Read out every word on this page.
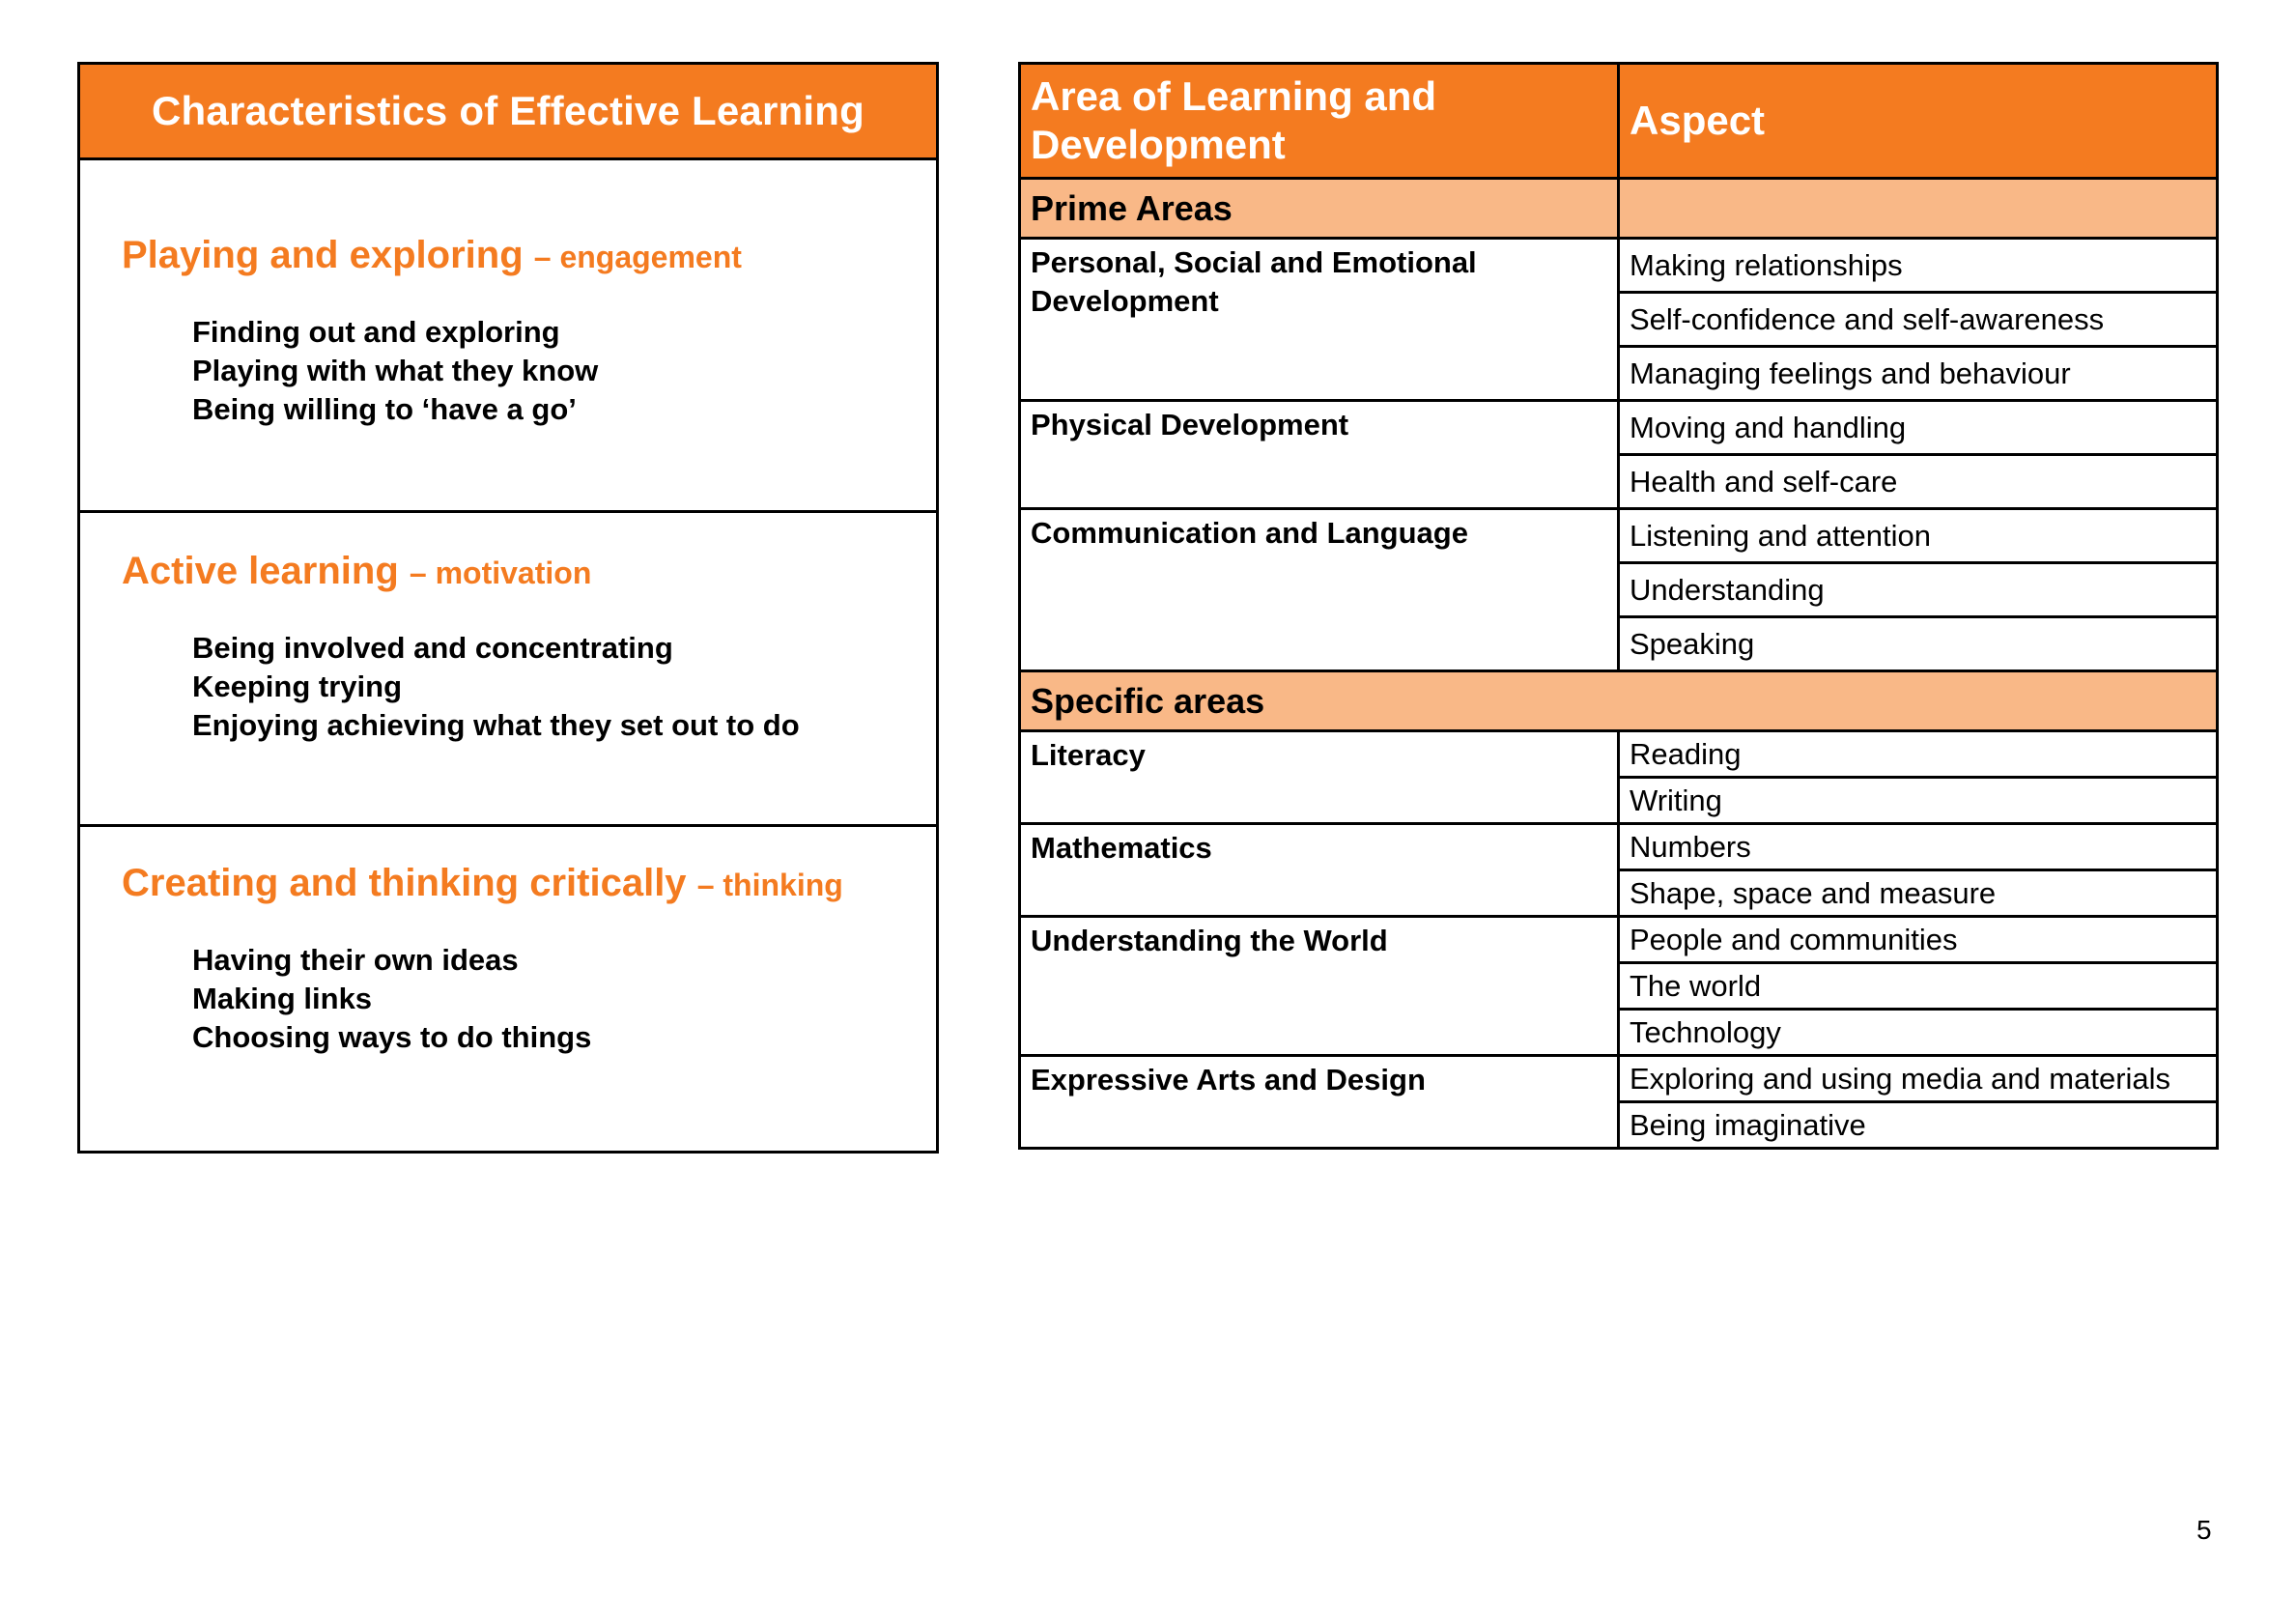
Characteristics of Effective Learning
Playing and exploring – engagement
Finding out and exploring
Playing with what they know
Being willing to ‘have a go’
Active learning – motivation
Being involved and concentrating
Keeping trying
Enjoying achieving what they set out to do
Creating and thinking critically – thinking
Having their own ideas
Making links
Choosing ways to do things
Area of Learning and Development	Aspect
Prime Areas	
Personal, Social and Emotional Development	Making relationships
	Self-confidence and self-awareness
	Managing feelings and behaviour
Physical Development	Moving and handling
	Health and self-care
Communication and Language	Listening and attention
	Understanding
	Speaking
Specific areas	
Literacy	Reading
	Writing
Mathematics	Numbers
	Shape, space and measure
Understanding the World	People and communities
	The world
	Technology
Expressive Arts and Design	Exploring and using media and materials
	Being imaginative
5
